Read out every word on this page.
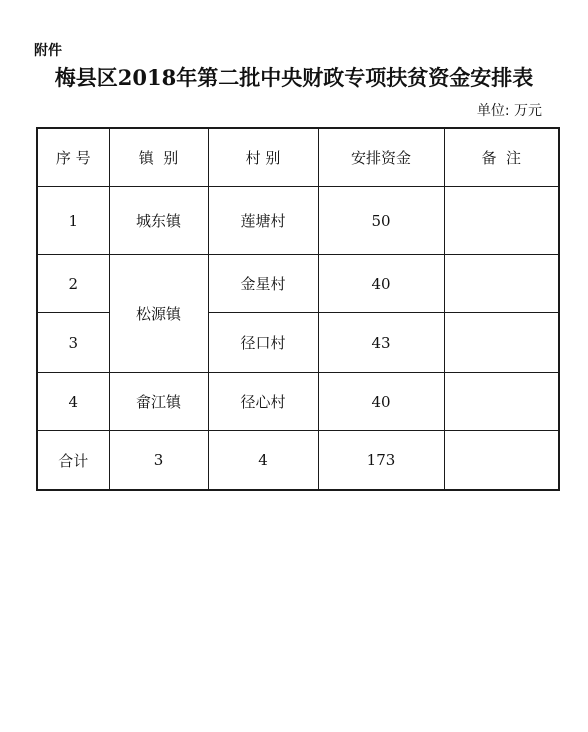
附件
梅县区2018年第二批中央财政专项扶贫资金安排表
单位: 万元
序 号	镇  别	村 别	安排资金	备  注
1	城东镇	莲塘村	50	
2	松源镇	金星村	40	
3		径口村	43	
4	畲江镇	径心村	40	
合计	3	4	173	
